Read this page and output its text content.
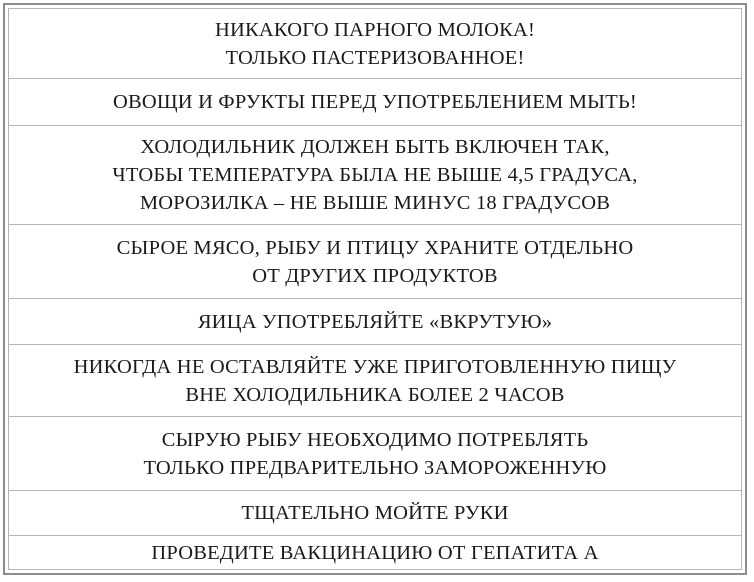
НИКАКОГО ПАРНОГО МОЛОКА!
ТОЛЬКО ПАСТЕРИЗОВАННОЕ!
ОВОЩИ И ФРУКТЫ ПЕРЕД УПОТРЕБЛЕНИЕМ МЫТЬ!
ХОЛОДИЛЬНИК ДОЛЖЕН БЫТЬ ВКЛЮЧЕН ТАК,
ЧТОБЫ ТЕМПЕРАТУРА БЫЛА НЕ ВЫШЕ 4,5 ГРАДУСА,
МОРОЗИЛКА – НЕ ВЫШЕ МИНУС 18 ГРАДУСОВ
СЫРОЕ МЯСО, РЫБУ И ПТИЦУ ХРАНИТЕ ОТДЕЛЬНО
ОТ ДРУГИХ ПРОДУКТОВ
ЯИЦА УПОТРЕБЛЯЙТЕ «ВКРУТУЮ»
НИКОГДА НЕ ОСТАВЛЯЙТЕ УЖЕ ПРИГОТОВЛЕННУЮ ПИЩУ
ВНЕ ХОЛОДИЛЬНИКА БОЛЕЕ 2 ЧАСОВ
СЫРУЮ РЫБУ НЕОБХОДИМО ПОТРЕБЛЯТЬ
ТОЛЬКО ПРЕДВАРИТЕЛЬНО ЗАМОРОЖЕННУЮ
ТЩАТЕЛЬНО МОЙТЕ РУКИ
ПРОВЕДИТЕ ВАКЦИНАЦИЮ ОТ ГЕПАТИТА А
